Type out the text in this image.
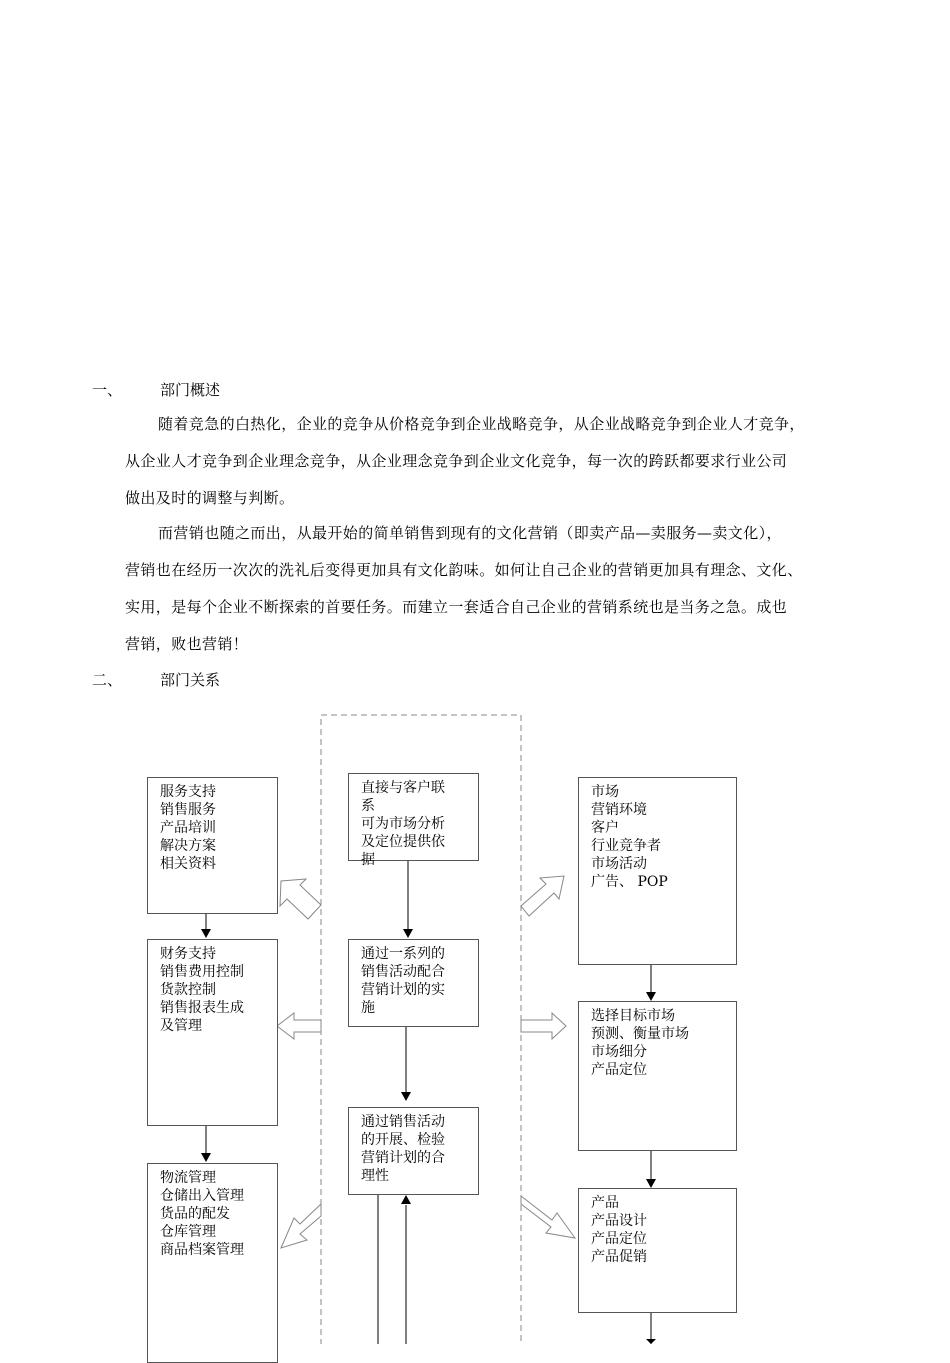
一、	部门概述

随着竞急的白热化，企业的竞争从价格竞争到企业战略竞争，从企业战略竞争到企业人才竞争，

从企业人才竞争到企业理念竞争，从企业理念竞争到企业文化竞争，每一次的跨跃都要求行业公司

做出及时的调整与判断。

而营销也随之而出，从最开始的简单销售到现有的文化营销（即卖产品—卖服务—卖文化），

营销也在经历一次次的洗礼后变得更加具有文化韵味。如何让自己企业的营销更加具有理念、文化、

实用，是每个企业不断探索的首要任务。而建立一套适合自己企业的营销系统也是当务之急。成也

营销，败也营销！

二、	部门关系
服务支持
销售服务
产品培训
解决方案
相关资料
财务支持
销售费用控制
货款控制
销售报表生成
及管理
物流管理
仓储出入管理
货品的配发
仓库管理
商品档案管理
直接与客户联
系
可为市场分析
及定位提供依
据
通过一系列的
销售活动配合
营销计划的实
施
通过销售活动
的开展、检验
营销计划的合
理性
市场
营销环境
客户
行业竞争者
市场活动
广告、 POP
选择目标市场
预测、衡量市场
市场细分
产品定位
产品
产品设计
产品定位
产品促销
